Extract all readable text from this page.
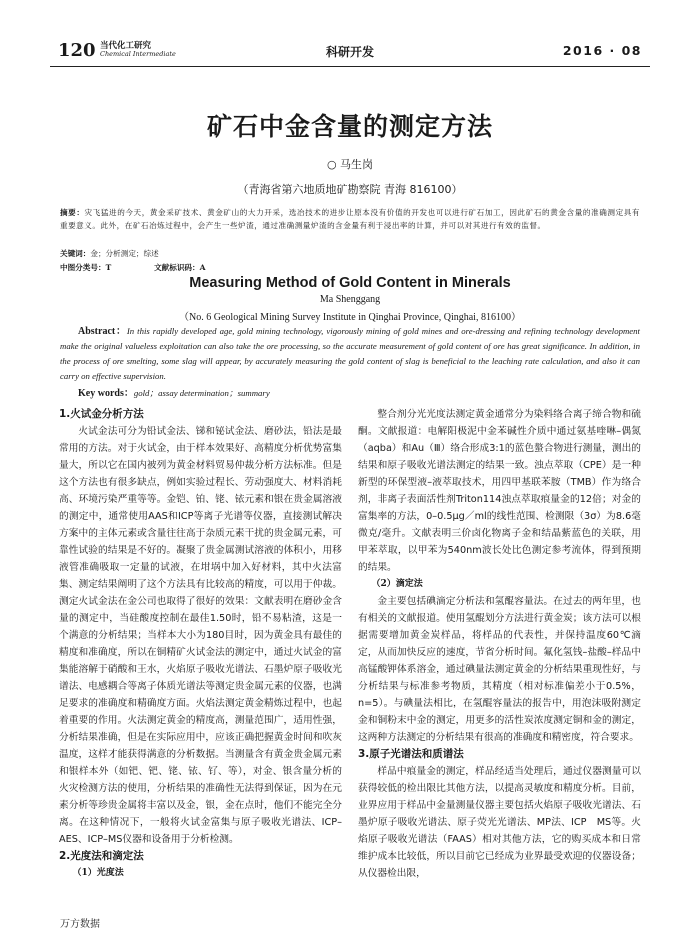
120 当代化工研究
Chemical Intermediate	科研开发	2016 · 08
矿石中金含量的测定方法
○ 马生岗
（青海省第六地质地矿勘察院 青海 816100）
摘要：灾飞猛进的今天，黄金采矿技术、黄金矿山的大力开采，选冶技术的进步让原本没有价值的开发也可以进行矿石加工，因此矿石的黄金含量的准确测定具有重要意义。此外，在矿石冶炼过程中，会产生一些炉渣，通过准确测量炉渣的含金量有利于浸出率的计算，并可以对其进行有效的监督。
关键词：金；分析测定；综述
中图分类号：T	文献标识码：A
Measuring Method of Gold Content in Minerals
Ma Shenggang
（No. 6 Geological Mining Survey Institute in Qinghai Province, Qinghai, 816100）
Abstract：In this rapidly developed age, gold mining technology, vigorously mining of gold mines and ore-dressing and refining technology development make the original valueless exploitation can also take the ore processing, so the accurate measurement of gold content of ore has great significance. In addition, in the process of ore smelting, some slag will appear, by accurately measuring the gold content of slag is beneficial to the leaching rate calculation, and also it can carry on effective supervision.
Key words：gold；assay determination；summary
1.火试金分析方法

火试金法可分为铅试金法、锑和铋试金法、磨砂法，铅法是最常用的方法。对于火试金，由于样本效果好、高精度分析优势富集量大，所以它在国内被列为黄金材料贸易仲裁分析方法标准。但是这个方法也有很多缺点，例如实验过程长、劳动强度大、材料消耗高、环境污染严重等等。金铠、铂、铑、铱元素和银在贵金属溶液的测定中，通常使用AAS和ICP等离子光谱等仪器，直接测试解决方案中的主体元素或含量往往高于杂质元素干扰的贵金属元素，可靠性试验的结果是不好的。凝聚了贵金属测试溶液的体积小，用移液管准确吸取一定量的试液，在坩埚中加入好材料，其中火法富集、测定结果阐明了这个方法具有比较高的精度，可以用于仲裁。测定火试金法在金公司也取得了很好的效果：文献表明在磨砂金含量的测定中，当硅酸度控制在最佳1.50时，铅不易粘渣，这是一个满意的分析结果；当样本大小为180目时，因为黄金具有最佳的精度和准确度，所以在铜精矿火试金法的测定中，通过火试金的富集能溶解于硝酸和王水，火焰原子吸收光谱法、石墨炉原子吸收光谱法、电感耦合等离子体质光谱法等测定贵金属元素的仪器，也满足要求的准确度和精确度方面。火焰法测定黄金精炼过程中，也起着重要的作用。火法测定黄金的精度高，测量范围广，适用性强，分析结果准确，但是在实际应用中，应该正确把握黄金时间和吹灰温度，这样才能获得满意的分析数据。当测量含有黄金贵金属元素和银样本外（如钯、钯、铑、铱、钌、等），对金、银含量分析的火灾检测方法的使用，分析结果的准确性无法得到保证，因为在元素分析等珍贵金属将丰富以及金，银，金在点时，他们不能完全分离。在这种情况下，一般将火试金富集与原子吸收光谱法、ICP–AES、ICP–MS仪器和设备用于分析检测。

2.光度法和滴定法
（1）光度法

整合剂分光光度法测定黄金通常分为染料络合离子缔合物和硫酮。文献报道：电解阳极泥中金苯碱性介质中通过氨基喹啉–偶氮（aqba）和Au（Ⅲ）络合形成3:1的蓝色螯合物进行测量，测出的结果和原子吸收光谱法测定的结果一致。浊点萃取（CPE）是一种新型的环保型液–液萃取技术，用四甲基联苯胺（TMB）作为络合剂，非离子表面活性剂Triton114浊点萃取痕量金的12倍；对金的富集率的方法，0–0.5μg／ml的线性范围、检测限（3σ）为8.6毫微克/毫升。文献表明三价卤化物离子金和结晶紫蓝色的关联，用甲苯萃取，以甲苯为540nm波长处比色测定参考流体，得到预期的结果。

（2）滴定法

金主要包括碘滴定分析法和氢醌容量法。在过去的两年里，也有相关的文献报道。使用氢醌划分方法进行黄金炭；该方法可以根据需要增加黄金炭样品，将样品的代表性，并保持温度60℃滴定，从而加快反应的速度，节省分析时间。氟化氢钱–盐酸–样品中高锰酸钾体系溶金，通过碘量法测定黄金的分析结果重现性好，与分析结果与标准参考物质，其精度（相对标准偏差小于0.5%，n=5）。与碘量法相比，在氢醌容量法的报告中，用泡沫吸附测定金和铜粉末中金的测定，用更多的活性炭浓度测定铜和金的测定，这两种方法测定的分析结果有很高的准确度和精密度，符合要求。

3.原子光谱法和质谱法

样品中痕量金的测定，样品经适当处理后，通过仪器测量可以获得较低的检出限比其他方法，以提高灵敏度和精度分析。目前，业界应用于样品中金量测量仪器主要包括火焰原子吸收光谱法、石墨炉原子吸收光谱法、原子荧光光谱法、MP法、ICP　MS等。火焰原子吸收光谱法（FAAS）相对其他方法，它的购买成本和日常维护成本比较低，所以目前它已经成为业界最受欢迎的仪器设备；从仪器检出限，

万方数据
